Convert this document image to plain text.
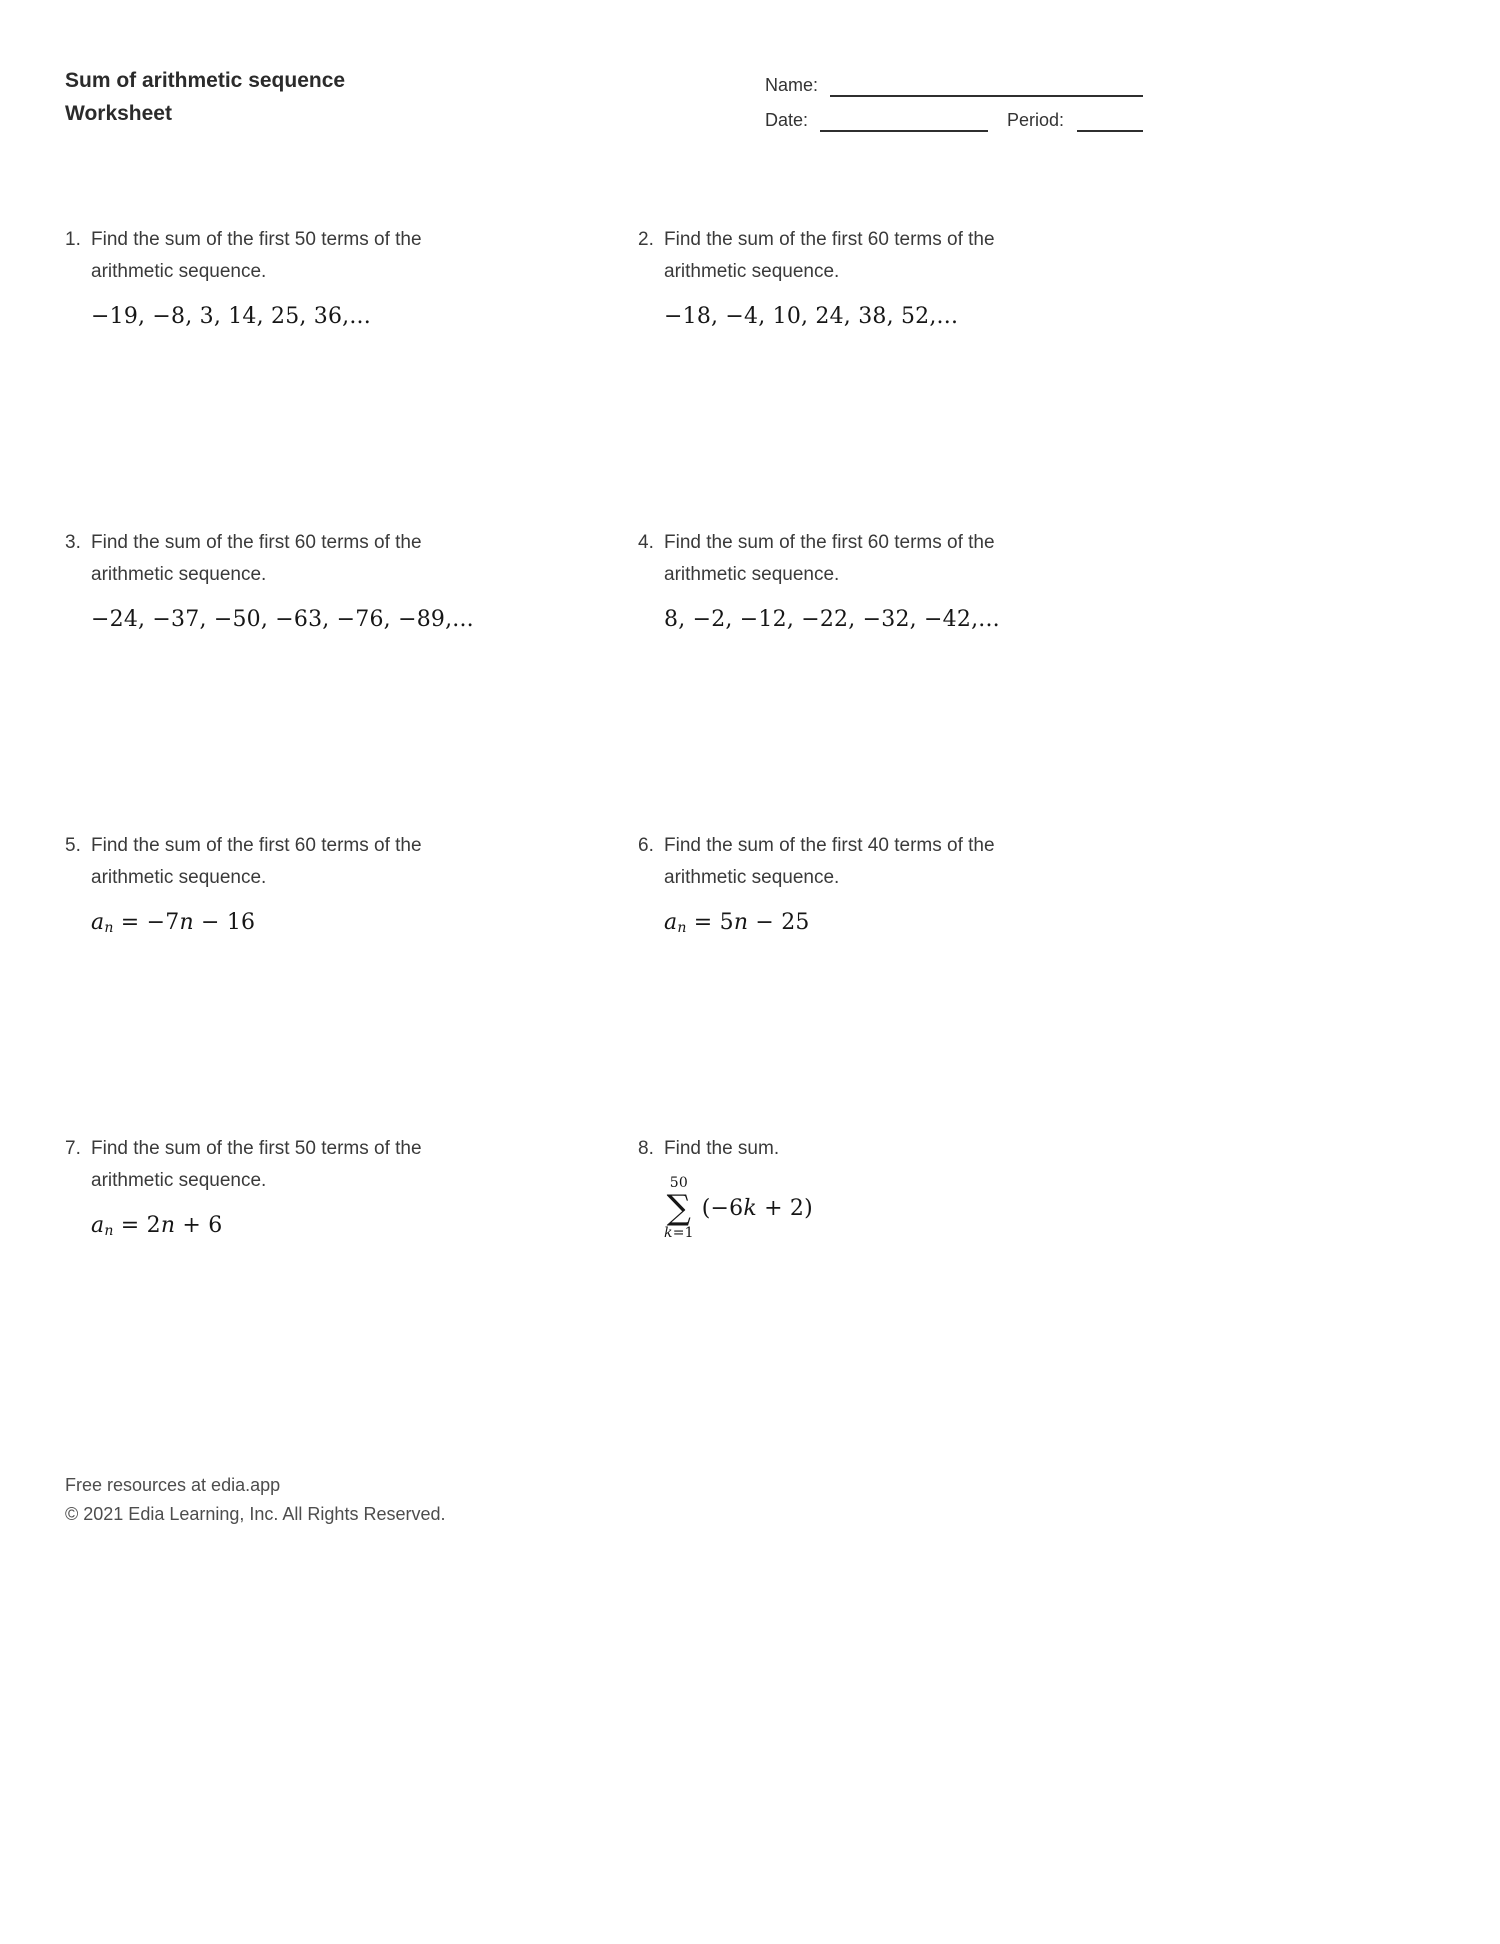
Sum of arithmetic sequence
Worksheet
Name:
Date:	Period:
1. Find the sum of the first 50 terms of the
arithmetic sequence.
−19, −8, 3, 14, 25, 36,...
2. Find the sum of the first 60 terms of the
arithmetic sequence.
−18, −4, 10, 24, 38, 52,...
3. Find the sum of the first 60 terms of the
arithmetic sequence.
−24, −37, −50, −63, −76, −89,...
4. Find the sum of the first 60 terms of the
arithmetic sequence.
8, −2, −12, −22, −32, −42,...
5. Find the sum of the first 60 terms of the
arithmetic sequence.
$a_n = -7n - 16$
6. Find the sum of the first 40 terms of the
arithmetic sequence.
$a_n = 5n - 25$
7. Find the sum of the first 50 terms of the
arithmetic sequence.
$a_n = 2n + 6$
8. Find the sum.
50
∑
k=1
(−6k + 2)
Free resources at edia.app
© 2021 Edia Learning, Inc. All Rights Reserved.
